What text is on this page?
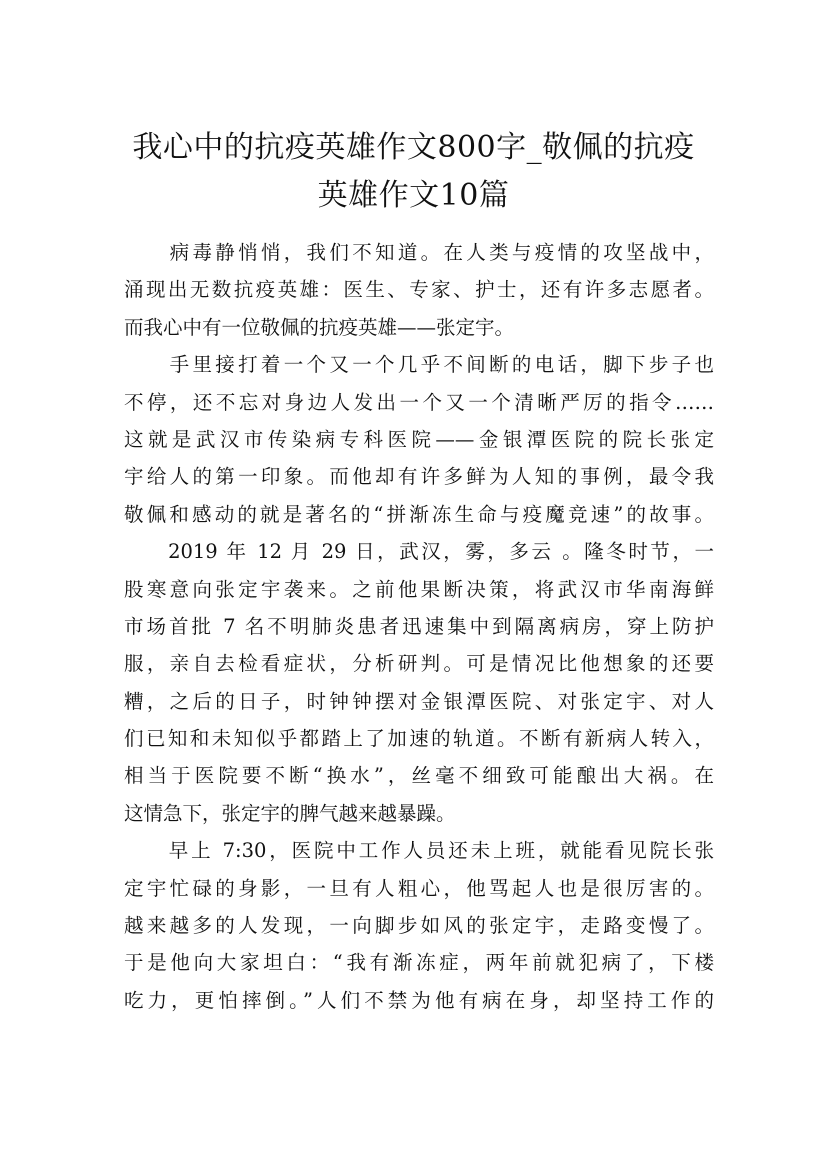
我心中的抗疫英雄作文800字_敬佩的抗疫
英雄作文10篇

　　病毒静悄悄，我们不知道。在人类与疫情的攻坚战中，
涌现出无数抗疫英雄：医生、专家、护士，还有许多志愿者。
而我心中有一位敬佩的抗疫英雄——张定宇。

　　手里接打着一个又一个几乎不间断的电话，脚下步子也
不停，还不忘对身边人发出一个又一个清晰严厉的指令……
这就是武汉市传染病专科医院——金银潭医院的院长张定
宇给人的第一印象。而他却有许多鲜为人知的事例，最令我
敬佩和感动的就是著名的“拼渐冻生命与疫魔竞速”的故事。

　　2019 年 12 月 29 日，武汉，雾，多云 。隆冬时节，一
股寒意向张定宇袭来。之前他果断决策，将武汉市华南海鲜
市场首批 7 名不明肺炎患者迅速集中到隔离病房，穿上防护
服，亲自去检看症状，分析研判。可是情况比他想象的还要
糟，之后的日子，时钟钟摆对金银潭医院、对张定宇、对人
们已知和未知似乎都踏上了加速的轨道。不断有新病人转入，
相当于医院要不断“换水”，丝毫不细致可能酿出大祸。在
这情急下，张定宇的脾气越来越暴躁。

　　早上 7:30，医院中工作人员还未上班，就能看见院长张
定宇忙碌的身影，一旦有人粗心，他骂起人也是很厉害的。
越来越多的人发现，一向脚步如风的张定宇，走路变慢了。
于是他向大家坦白：“我有渐冻症，两年前就犯病了，下楼
吃力，更怕摔倒。”人们不禁为他有病在身，却坚持工作的
